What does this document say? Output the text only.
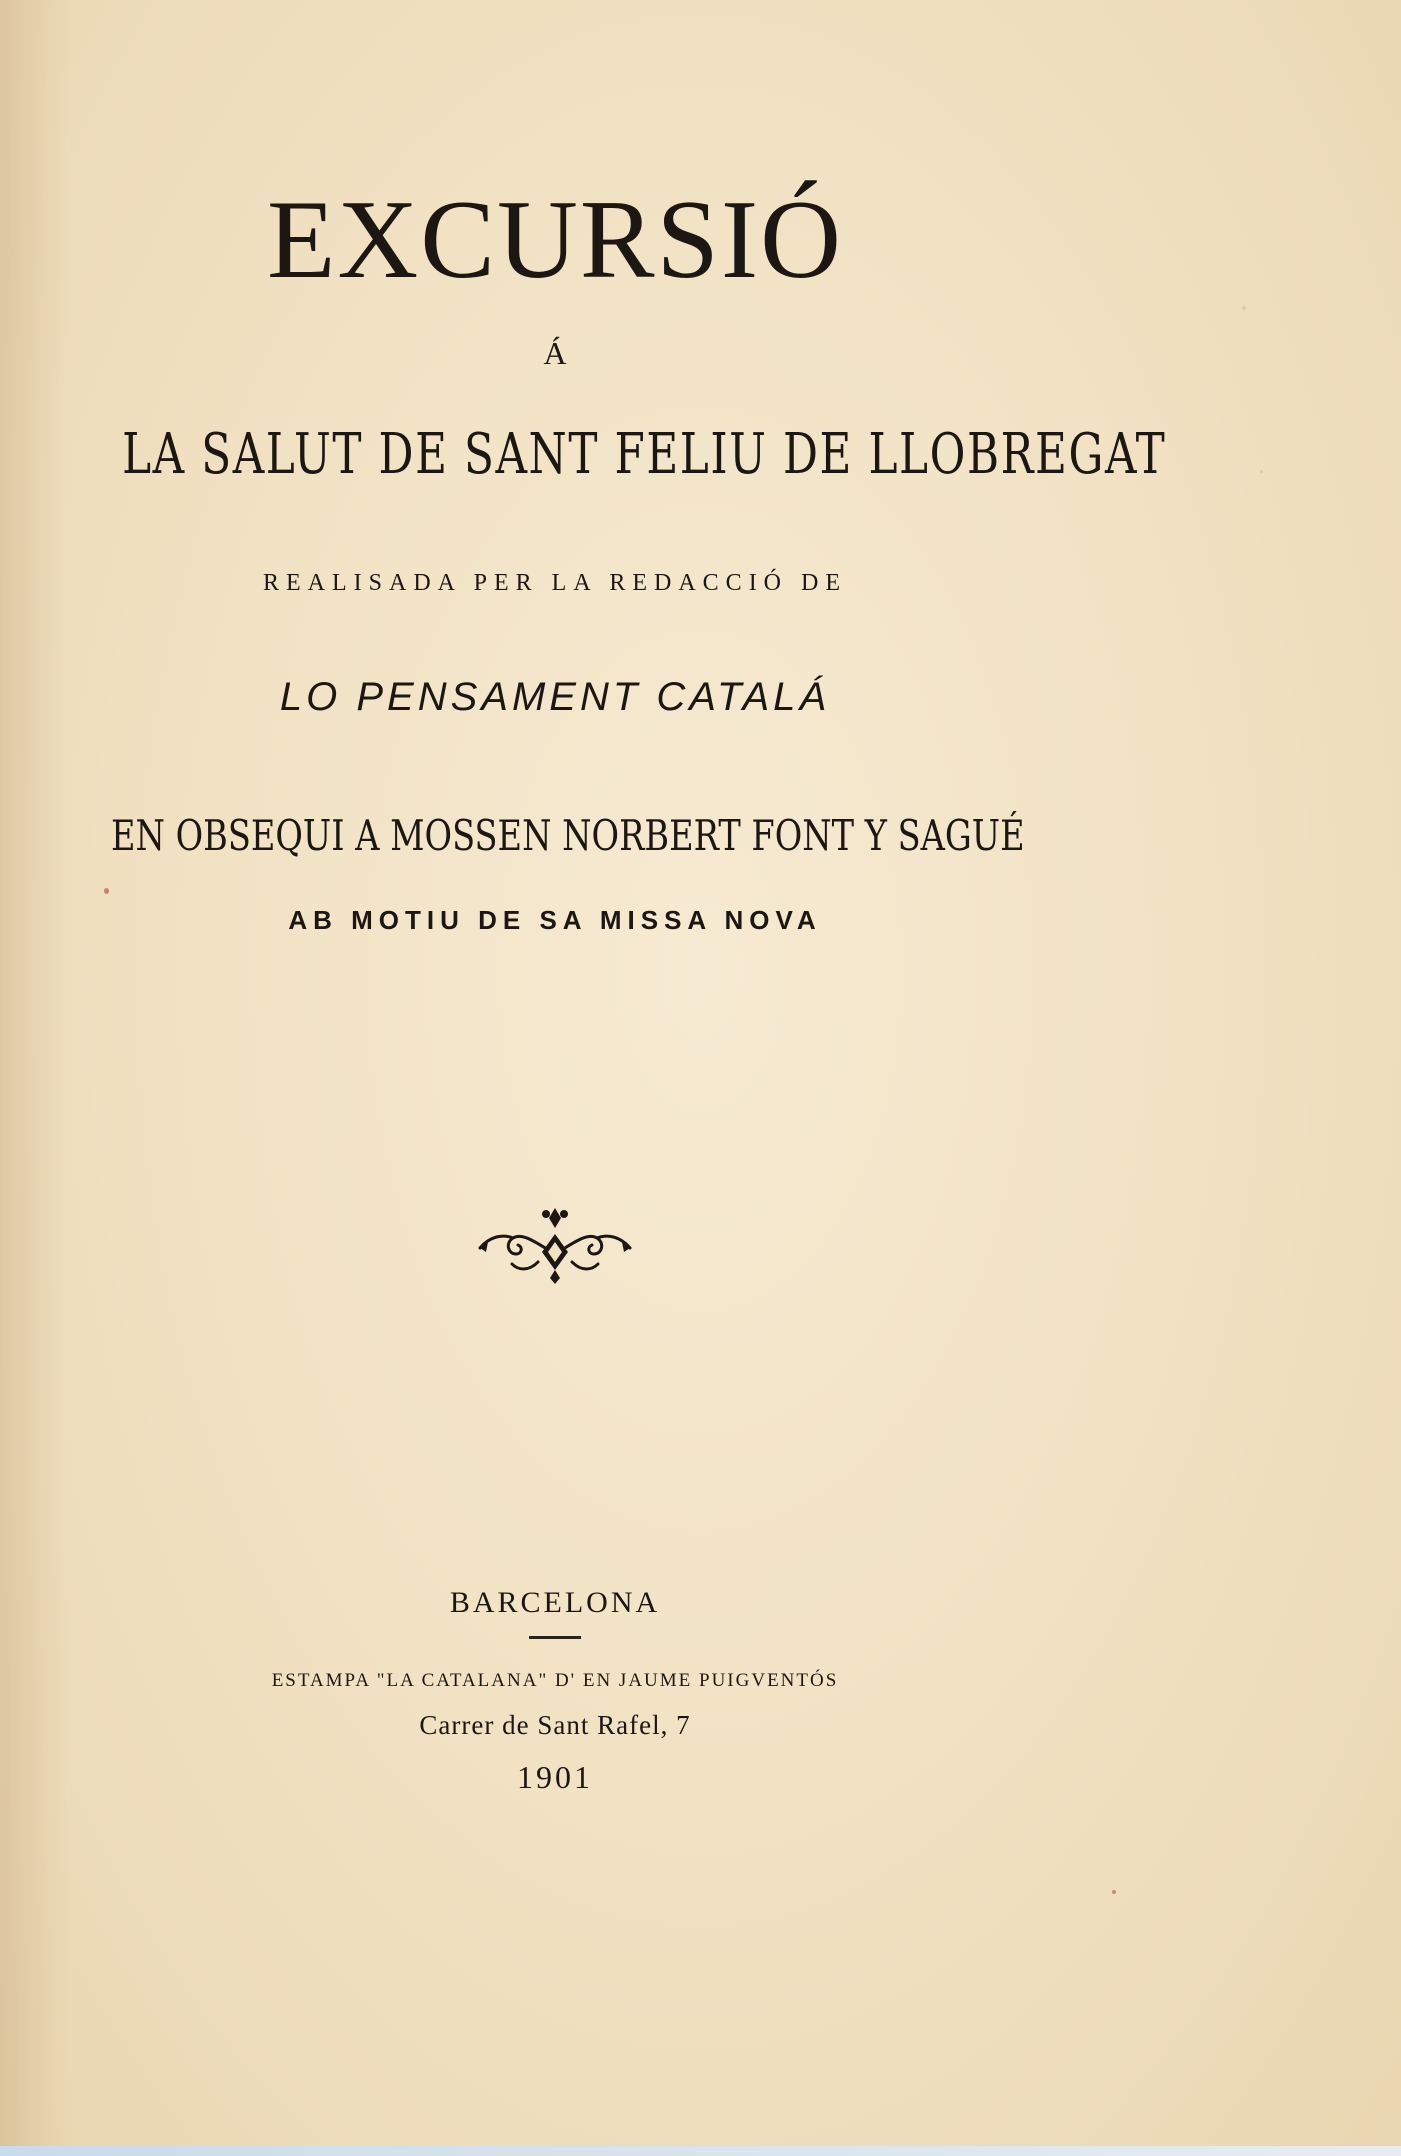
EXCURSIÓ
Á
LA SALUT DE SANT FELIU DE LLOBREGAT
REALISADA PER LA REDACCIÓ DE
LO PENSAMENT CATALÁ
EN OBSEQUI A MOSSEN NORBERT FONT Y SAGUÉ
AB MOTIU DE SA MISSA NOVA
BARCELONA
ESTAMPA "LA CATALANA" D' EN JAUME PUIGVENTÓS
Carrer de Sant Rafel, 7
1901
